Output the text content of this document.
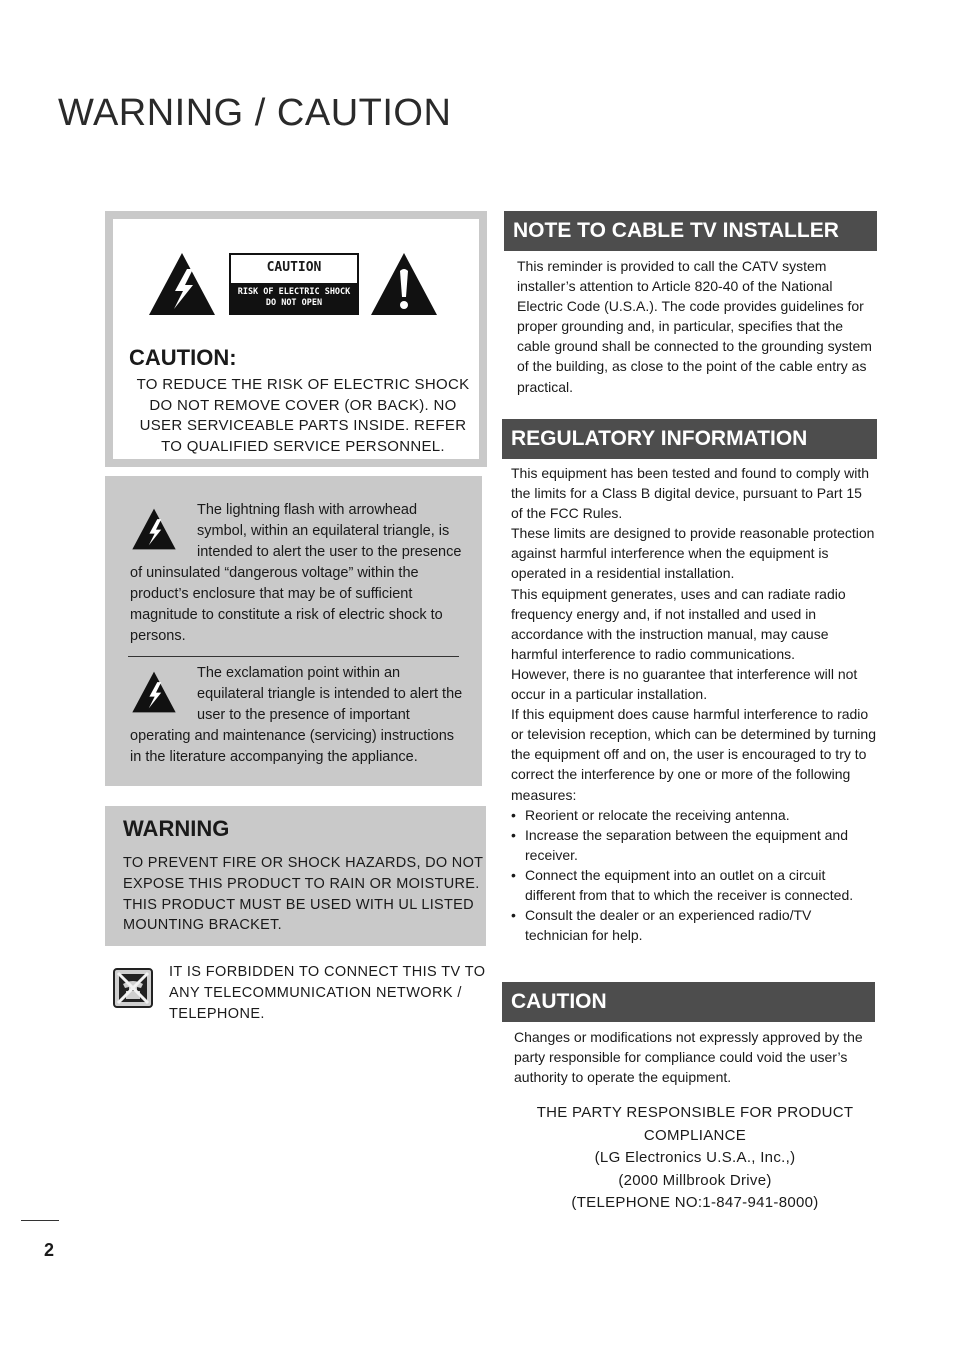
WARNING / CAUTION
CAUTION
RISK OF ELECTRIC SHOCK
DO NOT OPEN
CAUTION:

TO REDUCE THE RISK OF ELECTRIC SHOCK DO NOT REMOVE COVER (OR BACK). NO USER SERVICEABLE PARTS INSIDE. REFER TO QUALIFIED SERVICE PERSONNEL.

The lightning flash with arrowhead symbol, within an equilateral triangle, is intended to alert the user to the presence of uninsulated “dangerous voltage” within the product’s enclosure that may be of sufficient magnitude to constitute a risk of electric shock to persons.
The exclamation point within an equilateral triangle is intended to alert the user to the presence of important operating and maintenance (servicing) instructions in the literature accompanying the appliance.
WARNING

TO PREVENT FIRE OR SHOCK HAZARDS, DO NOT EXPOSE THIS PRODUCT TO RAIN OR MOISTURE. THIS PRODUCT MUST BE USED WITH UL LISTED MOUNTING BRACKET.

IT IS FORBIDDEN TO CONNECT THIS TV TO ANY TELECOMMUNICATION NETWORK / TELEPHONE.

NOTE TO CABLE TV INSTALLER

This reminder is provided to call the CATV system installer’s attention to Article 820-40 of the National Electric Code (U.S.A.). The code provides guidelines for proper grounding and, in particular, specifies that the cable ground shall be connected to the grounding system of the building, as close to the point of the cable entry as practical.

REGULATORY INFORMATION
This equipment has been tested and found to comply with the limits for a Class B digital device, pursuant to Part 15 of the FCC Rules.
These limits are designed to provide reasonable protection against harmful interference when the equipment is operated in a residential installation.
This equipment generates, uses and can radiate radio frequency energy and, if not installed and used in accordance with the instruction manual, may cause harmful interference to radio communications.
However, there is no guarantee that interference will not occur in a particular installation.
If this equipment does cause harmful interference to radio or television reception, which can be determined by turning the equipment off and on, the user is encouraged to try to correct the interference by one or more of the following measures:
• Reorient or relocate the receiving antenna.
• Increase the separation between the equipment and receiver.
• Connect the equipment into an outlet on a circuit different from that to which the receiver is connected.
• Consult the dealer or an experienced radio/TV technician for help.
CAUTION

Changes or modifications not expressly approved by the party responsible for compliance could void the user’s authority to operate the equipment.

THE PARTY RESPONSIBLE FOR PRODUCT COMPLIANCE
(LG Electronics U.S.A., Inc.,)
(2000 Millbrook Drive)
(TELEPHONE NO:1-847-941-8000)
2
